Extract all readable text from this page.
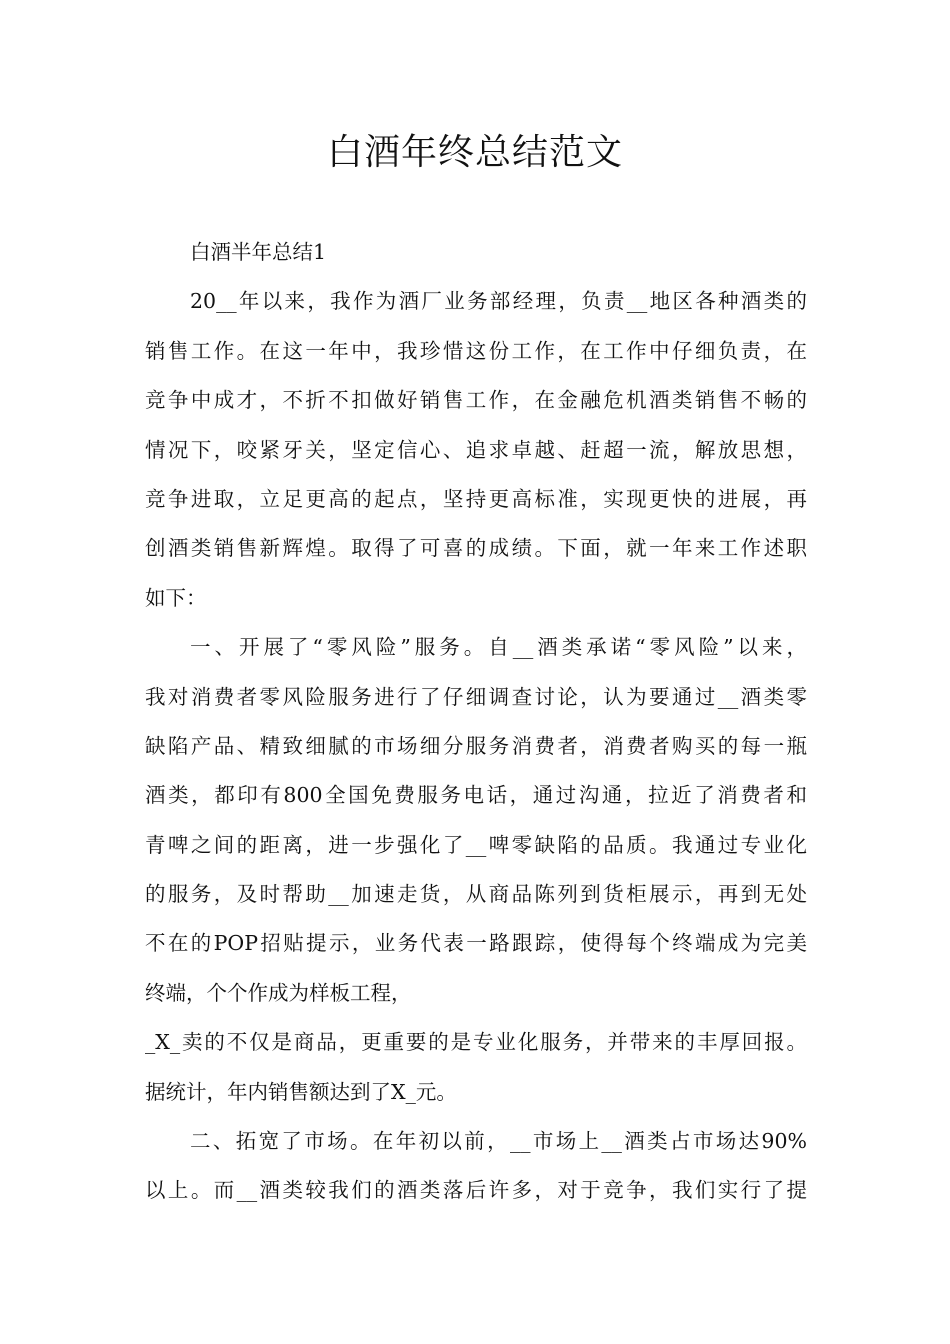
白酒年终总结范文
白酒半年总结1
20__年以来，我作为酒厂业务部经理，负责__地区各种酒类的
销售工作。在这一年中，我珍惜这份工作，在工作中仔细负责，在
竞争中成才，不折不扣做好销售工作，在金融危机酒类销售不畅的
情况下，咬紧牙关，坚定信心、追求卓越、赶超一流，解放思想，
竞争进取，立足更高的起点，坚持更高标准，实现更快的进展，再
创酒类销售新辉煌。取得了可喜的成绩。下面，就一年来工作述职
如下：
一、开展了“零风险”服务。自__酒类承诺“零风险”以来，
我对消费者零风险服务进行了仔细调查讨论，认为要通过__酒类零
缺陷产品、精致细腻的市场细分服务消费者，消费者购买的每一瓶
酒类，都印有800全国免费服务电话，通过沟通，拉近了消费者和
青啤之间的距离，进一步强化了__啤零缺陷的品质。我通过专业化
的服务，及时帮助__加速走货，从商品陈列到货柜展示，再到无处
不在的POP招贴提示，业务代表一路跟踪，使得每个终端成为完美
终端，个个作成为样板工程，
_X_卖的不仅是商品，更重要的是专业化服务，并带来的丰厚回报。
据统计，年内销售额达到了X_元。
二、拓宽了市场。在年初以前，__市场上__酒类占市场达90%
以上。而__酒类较我们的酒类落后许多，对于竞争，我们实行了提
